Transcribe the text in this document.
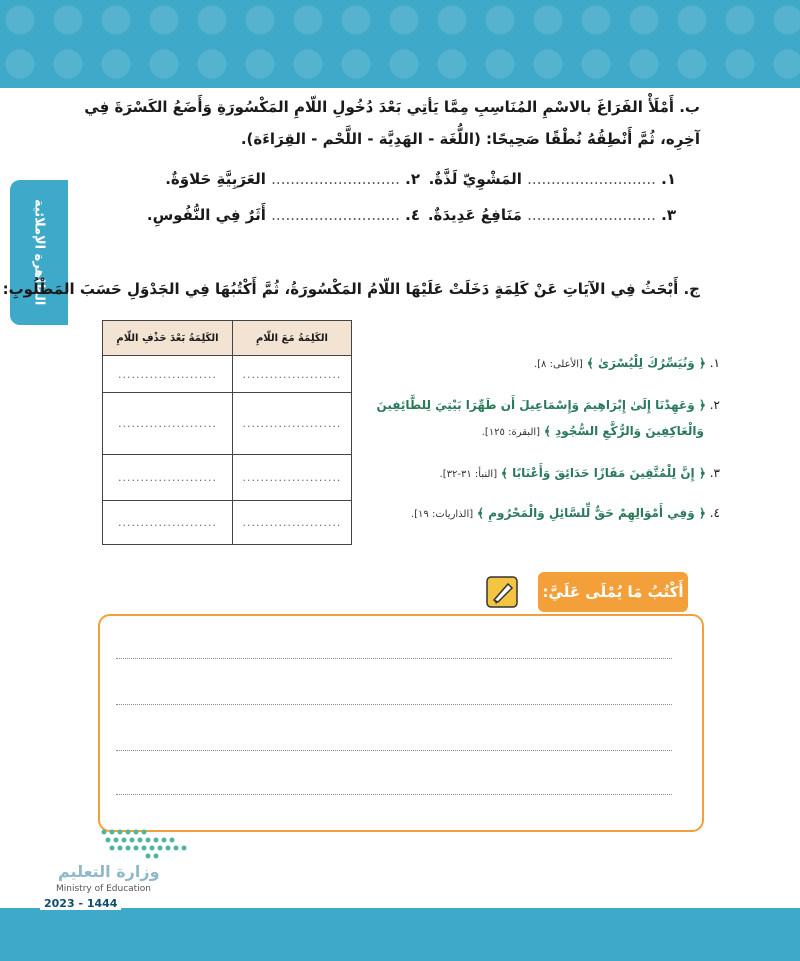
الظاهرة الإملائية
ب. أَمْلَأْ الفَرَاغَ بالاسْمِ المُنَاسِبِ مِمَّا يَأتِي بَعْدَ دُخُولِ اللّامِ المَكْسُورَةِ وَأَضَعُ الكَسْرَةَ فِي
آخِرِه، ثُمَّ أَنْطِقُهُ نُطْقًا صَحِيحًا: (اللُّغَة - الهَدِيَّة - اللَّحْم - القِرَاءَة).
١. ........................... المَشْوِيّ لَذَّةٌ.
٢. ........................... العَرَبِيَّةِ حَلاوَةٌ.
٣. ........................... مَنَافِعُ عَدِيدَةٌ.
٤. ........................... أَثَرٌ فِي النُّفُوسِ.
ج. أَبْحَثُ فِي الآيَاتِ عَنْ كَلِمَةٍ دَخَلَتْ عَلَيْهَا اللّامُ المَكْسُورَةُ، ثُمَّ أَكْتُبُهَا فِي الجَدْوَلِ حَسَبَ المَطْلُوبِ:
الكَلِمَةُ مَعَ اللّامِ	الكَلِمَةُ بَعْدَ حَذْفِ اللّامِ
......................	......................
......................	......................
......................	......................
......................	......................
١. ﴿ وَنُيَسِّرُكَ لِلْيُسْرَىٰ ﴾ [الأعلى: ٨].
٢. ﴿ وَعَهِدْنَا إِلَىٰ إِبْرَاهِيمَ وَإِسْمَاعِيلَ أَن طَهِّرَا بَيْتِيَ لِلطَّائِفِينَ
وَالْعَاكِفِينَ وَالرُّكَّعِ السُّجُودِ ﴾ [البقرة: ١٢٥].
٣. ﴿ إِنَّ لِلْمُتَّقِينَ مَفَازًا حَدَائِقَ وَأَعْنَابًا ﴾ [النبأ: ٣١-٣٢].
٤. ﴿ وَفِي أَمْوَالِهِمْ حَقٌّ لِّلسَّائِلِ وَالْمَحْرُومِ ﴾ [الذاريات: ١٩].
أَكْتُبُ مَا يُمْلَى عَلَيَّ:
وزارة التعليم
Ministry of Education
2023 - 1444
